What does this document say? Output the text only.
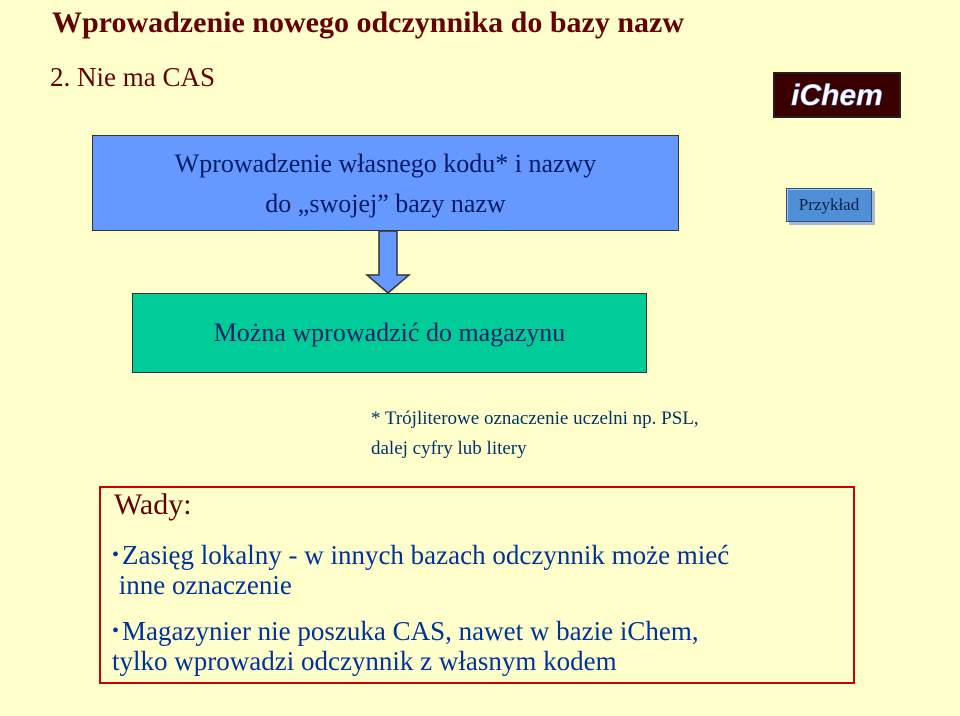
Wprowadzenie nowego odczynnika do bazy nazw
2. Nie ma CAS
iChem
Wprowadzenie własnego kodu* i nazwy
do „swojej” bazy nazw	Przykład
Można wprowadzić do magazynu
* Trójliterowe oznaczenie uczelni np. PSL,
dalej cyfry lub litery
Wady:
• Zasięg lokalny - w innych bazach odczynnik może mieć
inne oznaczenie
• Magazynier nie poszuka CAS, nawet w bazie iChem,
tylko wprowadzi odczynnik z własnym kodem
